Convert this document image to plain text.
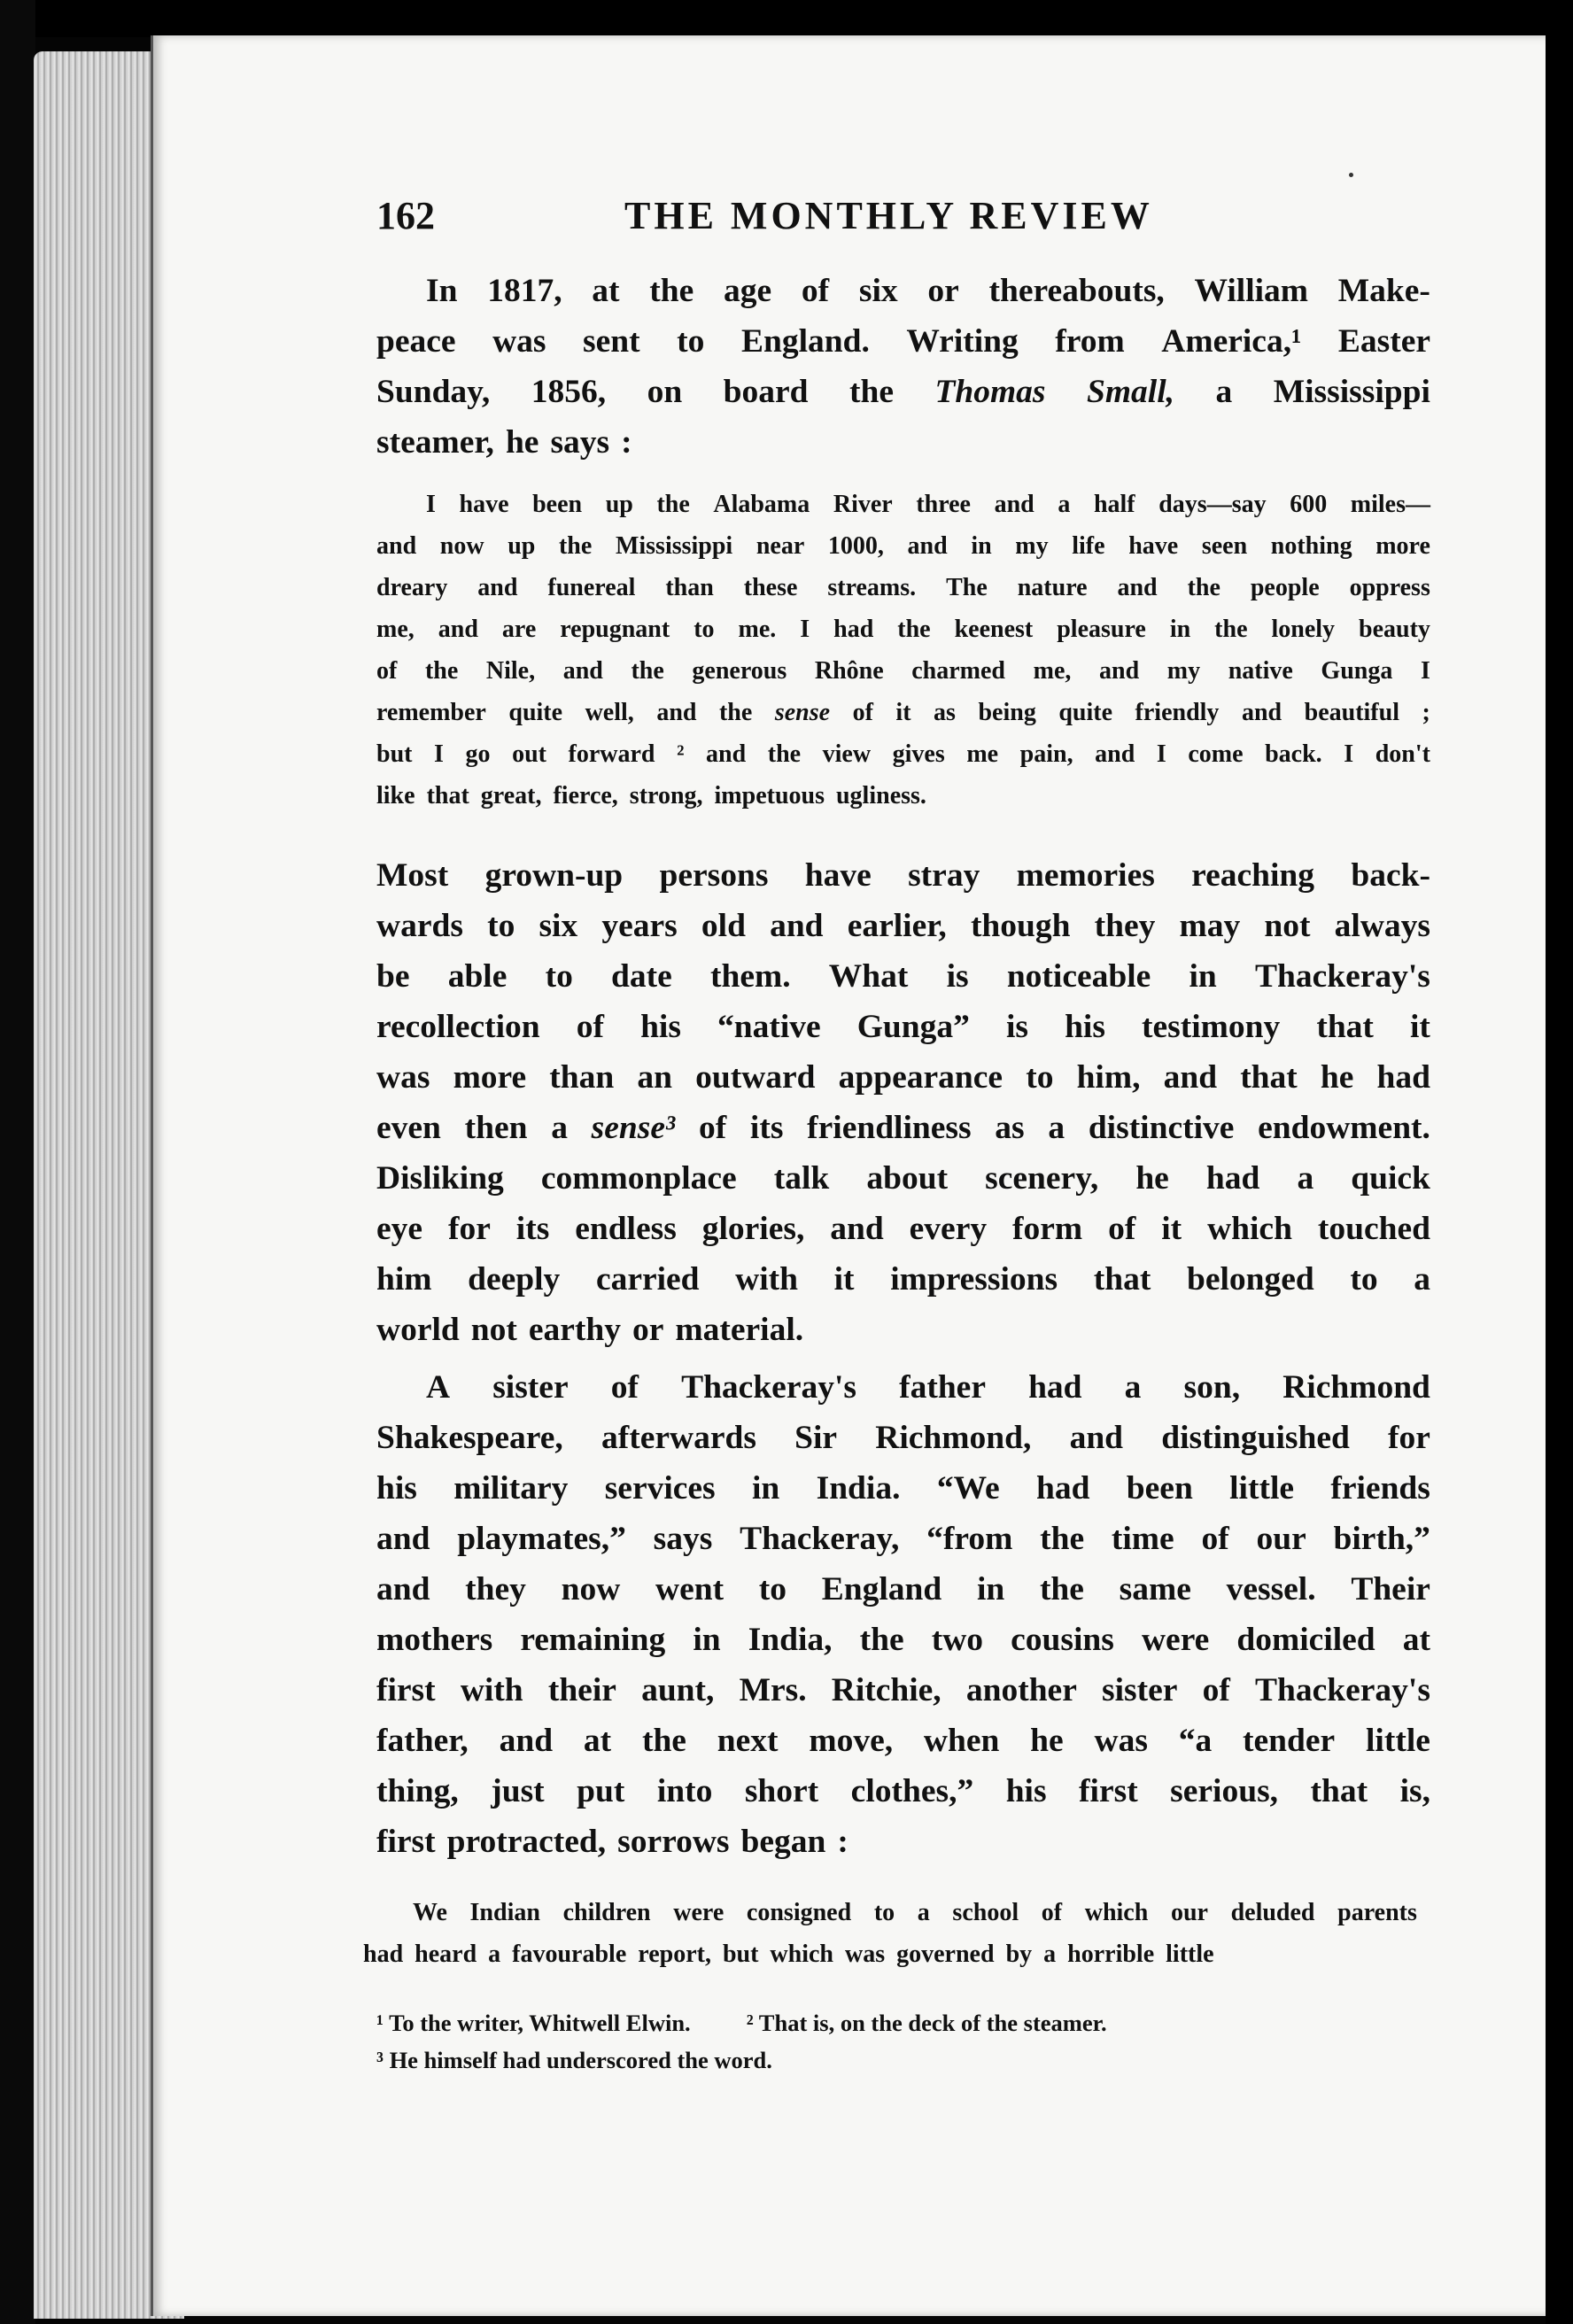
162	THE MONTHLY REVIEW
In 1817, at the age of six or thereabouts, William Make-
peace was sent to England. Writing from America,¹ Easter
Sunday, 1856, on board the Thomas Small, a Mississippi
steamer, he says :
I have been up the Alabama River three and a half days—say 600 miles—
and now up the Mississippi near 1000, and in my life have seen nothing more
dreary and funereal than these streams. The nature and the people oppress
me, and are repugnant to me. I had the keenest pleasure in the lonely beauty
of the Nile, and the generous Rhône charmed me, and my native Gunga I
remember quite well, and the sense of it as being quite friendly and beautiful ;
but I go out forward ² and the view gives me pain, and I come back. I don't
like that great, fierce, strong, impetuous ugliness.
Most grown-up persons have stray memories reaching back-
wards to six years old and earlier, though they may not always
be able to date them. What is noticeable in Thackeray's
recollection of his “native Gunga” is his testimony that it
was more than an outward appearance to him, and that he had
even then a sense³ of its friendliness as a distinctive endowment.
Disliking commonplace talk about scenery, he had a quick
eye for its endless glories, and every form of it which touched
him deeply carried with it impressions that belonged to a
world not earthy or material.
A sister of Thackeray's father had a son, Richmond
Shakespeare, afterwards Sir Richmond, and distinguished for
his military services in India. “We had been little friends
and playmates,” says Thackeray, “from the time of our birth,”
and they now went to England in the same vessel. Their
mothers remaining in India, the two cousins were domiciled at
first with their aunt, Mrs. Ritchie, another sister of Thackeray's
father, and at the next move, when he was “a tender little
thing, just put into short clothes,” his first serious, that is,
first protracted, sorrows began :
We Indian children were consigned to a school of which our deluded parents
had heard a favourable report, but which was governed by a horrible little
¹ To the writer, Whitwell Elwin. ² That is, on the deck of the steamer.
³ He himself had underscored the word.
